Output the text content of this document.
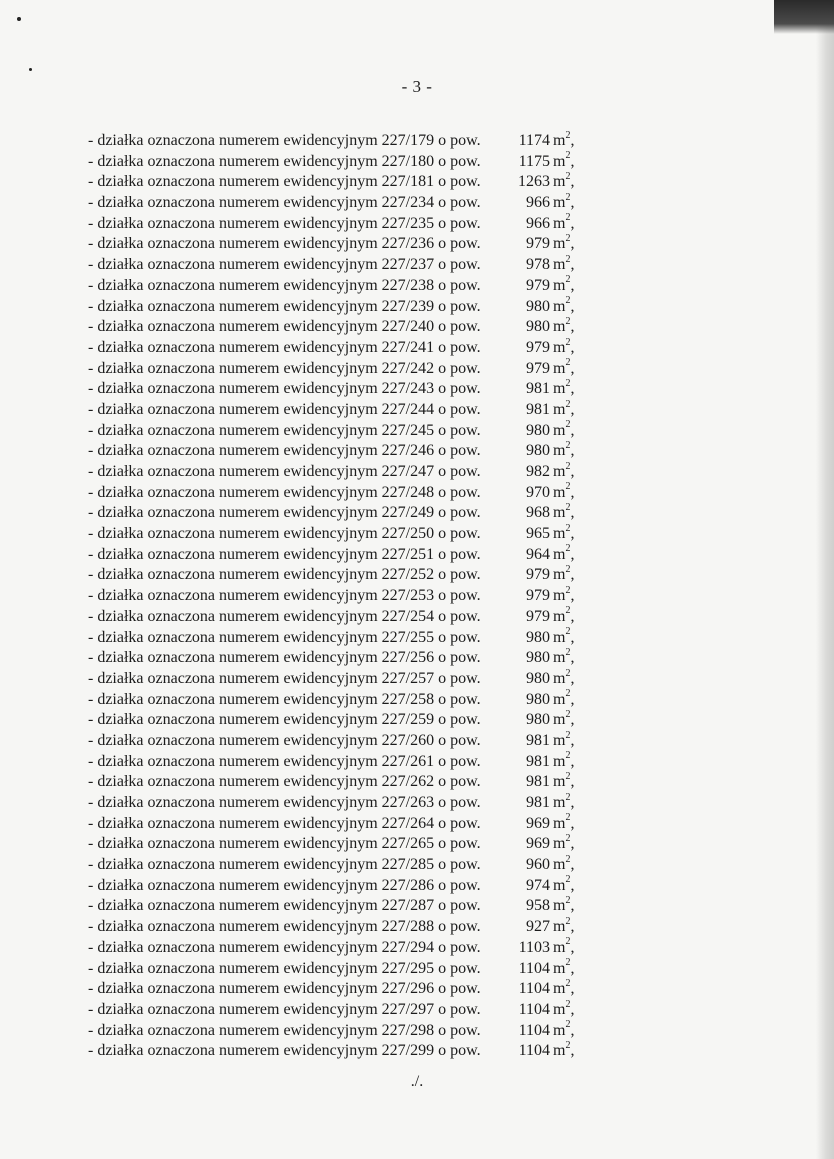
- 3 -
- działka oznaczona numerem ewidencyjnym 227/179 o pow.	1174 $m^2$,
- działka oznaczona numerem ewidencyjnym 227/180 o pow.	1175 $m^2$,
- działka oznaczona numerem ewidencyjnym 227/181 o pow.	1263 $m^2$,
- działka oznaczona numerem ewidencyjnym 227/234 o pow.	966 $m^2$,
- działka oznaczona numerem ewidencyjnym 227/235 o pow.	966 $m^2$,
- działka oznaczona numerem ewidencyjnym 227/236 o pow.	979 $m^2$,
- działka oznaczona numerem ewidencyjnym 227/237 o pow.	978 $m^2$,
- działka oznaczona numerem ewidencyjnym 227/238 o pow.	979 $m^2$,
- działka oznaczona numerem ewidencyjnym 227/239 o pow.	980 $m^2$,
- działka oznaczona numerem ewidencyjnym 227/240 o pow.	980 $m^2$,
- działka oznaczona numerem ewidencyjnym 227/241 o pow.	979 $m^2$,
- działka oznaczona numerem ewidencyjnym 227/242 o pow.	979 $m^2$,
- działka oznaczona numerem ewidencyjnym 227/243 o pow.	981 $m^2$,
- działka oznaczona numerem ewidencyjnym 227/244 o pow.	981 $m^2$,
- działka oznaczona numerem ewidencyjnym 227/245 o pow.	980 $m^2$,
- działka oznaczona numerem ewidencyjnym 227/246 o pow.	980 $m^2$,
- działka oznaczona numerem ewidencyjnym 227/247 o pow.	982 $m^2$,
- działka oznaczona numerem ewidencyjnym 227/248 o pow.	970 $m^2$,
- działka oznaczona numerem ewidencyjnym 227/249 o pow.	968 $m^2$,
- działka oznaczona numerem ewidencyjnym 227/250 o pow.	965 $m^2$,
- działka oznaczona numerem ewidencyjnym 227/251 o pow.	964 $m^2$,
- działka oznaczona numerem ewidencyjnym 227/252 o pow.	979 $m^2$,
- działka oznaczona numerem ewidencyjnym 227/253 o pow.	979 $m^2$,
- działka oznaczona numerem ewidencyjnym 227/254 o pow.	979 $m^2$,
- działka oznaczona numerem ewidencyjnym 227/255 o pow.	980 $m^2$,
- działka oznaczona numerem ewidencyjnym 227/256 o pow.	980 $m^2$,
- działka oznaczona numerem ewidencyjnym 227/257 o pow.	980 $m^2$,
- działka oznaczona numerem ewidencyjnym 227/258 o pow.	980 $m^2$,
- działka oznaczona numerem ewidencyjnym 227/259 o pow.	980 $m^2$,
- działka oznaczona numerem ewidencyjnym 227/260 o pow.	981 $m^2$,
- działka oznaczona numerem ewidencyjnym 227/261 o pow.	981 $m^2$,
- działka oznaczona numerem ewidencyjnym 227/262 o pow.	981 $m^2$,
- działka oznaczona numerem ewidencyjnym 227/263 o pow.	981 $m^2$,
- działka oznaczona numerem ewidencyjnym 227/264 o pow.	969 $m^2$,
- działka oznaczona numerem ewidencyjnym 227/265 o pow.	969 $m^2$,
- działka oznaczona numerem ewidencyjnym 227/285 o pow.	960 $m^2$,
- działka oznaczona numerem ewidencyjnym 227/286 o pow.	974 $m^2$,
- działka oznaczona numerem ewidencyjnym 227/287 o pow.	958 $m^2$,
- działka oznaczona numerem ewidencyjnym 227/288 o pow.	927 $m^2$,
- działka oznaczona numerem ewidencyjnym 227/294 o pow.	1103 $m^2$,
- działka oznaczona numerem ewidencyjnym 227/295 o pow.	1104 $m^2$,
- działka oznaczona numerem ewidencyjnym 227/296 o pow.	1104 $m^2$,
- działka oznaczona numerem ewidencyjnym 227/297 o pow.	1104 $m^2$,
- działka oznaczona numerem ewidencyjnym 227/298 o pow.	1104 $m^2$,
- działka oznaczona numerem ewidencyjnym 227/299 o pow.	1104 $m^2$,
./.
